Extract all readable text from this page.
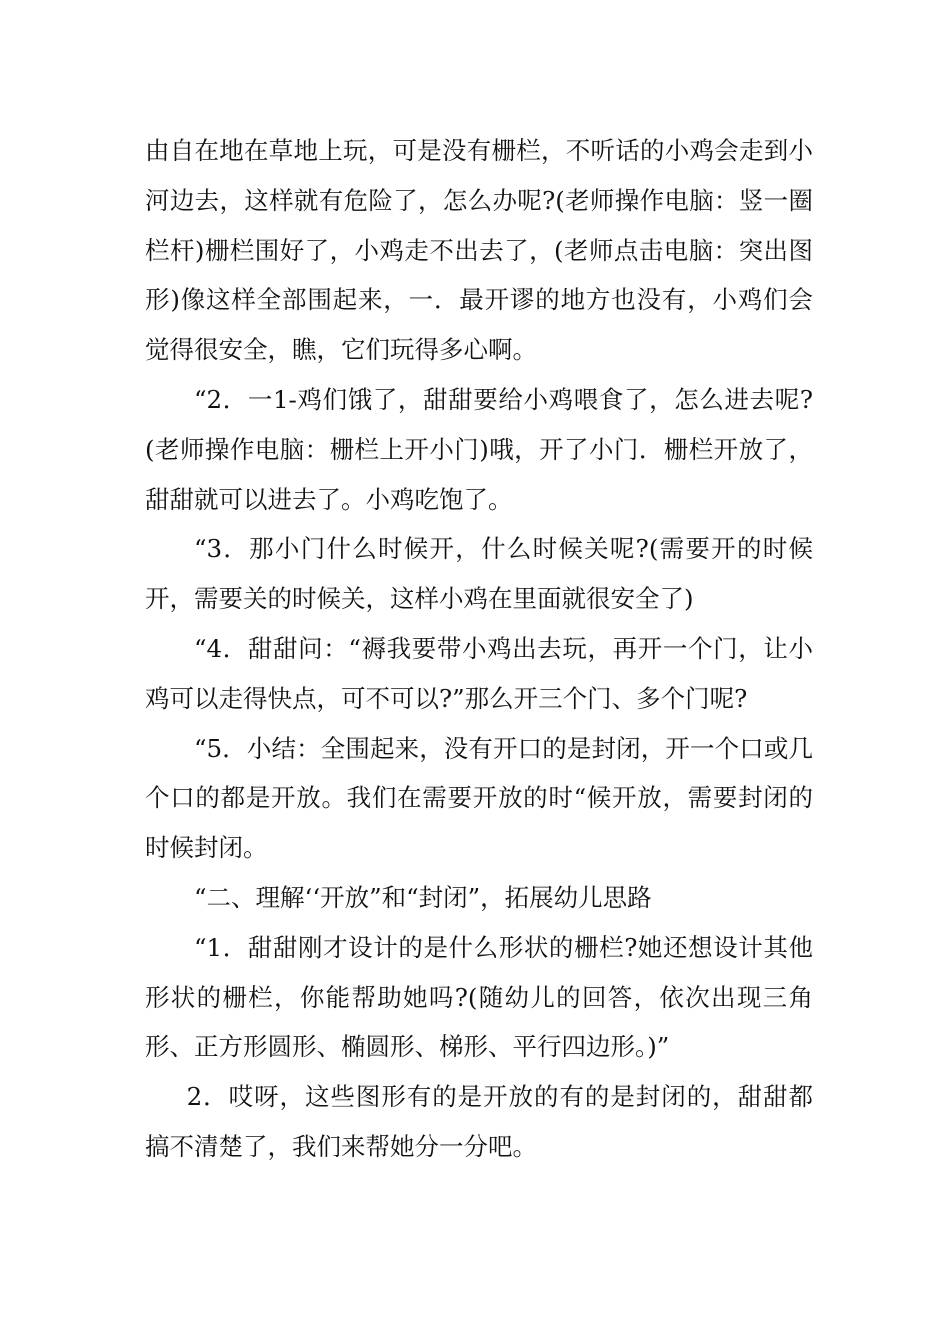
由自在地在草地上玩，可是没有栅栏，不听话的小鸡会走到小河边去，这样就有危险了，怎么办呢?(老师操作电脑：竖一圈栏杆)栅栏围好了，小鸡走不出去了，(老师点击电脑：突出图形)像这样全部围起来，一．最开谬的地方也没有，小鸡们会觉得很安全，瞧，它们玩得多心啊。

“2．一1-鸡们饿了，甜甜要给小鸡喂食了，怎么进去呢?(老师操作电脑：栅栏上开小门)哦，开了小门．栅栏开放了，甜甜就可以进去了。小鸡吃饱了。

“3．那小门什么时候开，什么时候关呢?(需要开的时候开，需要关的时候关，这样小鸡在里面就很安全了)

“4．甜甜问：“褥我要带小鸡出去玩，再开一个门，让小鸡可以走得快点，可不可以?”那么开三个门、多个门呢?

“5．小结：全围起来，没有开口的是封闭，开一个口或几个口的都是开放。我们在需要开放的时“候开放，需要封闭的时候封闭。

“二、理解‘‘开放”和“封闭”，拓展幼儿思路

“1．甜甜刚才设计的是什么形状的栅栏?她还想设计其他形状的栅栏，你能帮助她吗?(随幼儿的回答，依次出现三角形、正方形圆形、椭圆形、梯形、平行四边形。)”

2．哎呀，这些图形有的是开放的有的是封闭的，甜甜都搞不清楚了，我们来帮她分一分吧。
